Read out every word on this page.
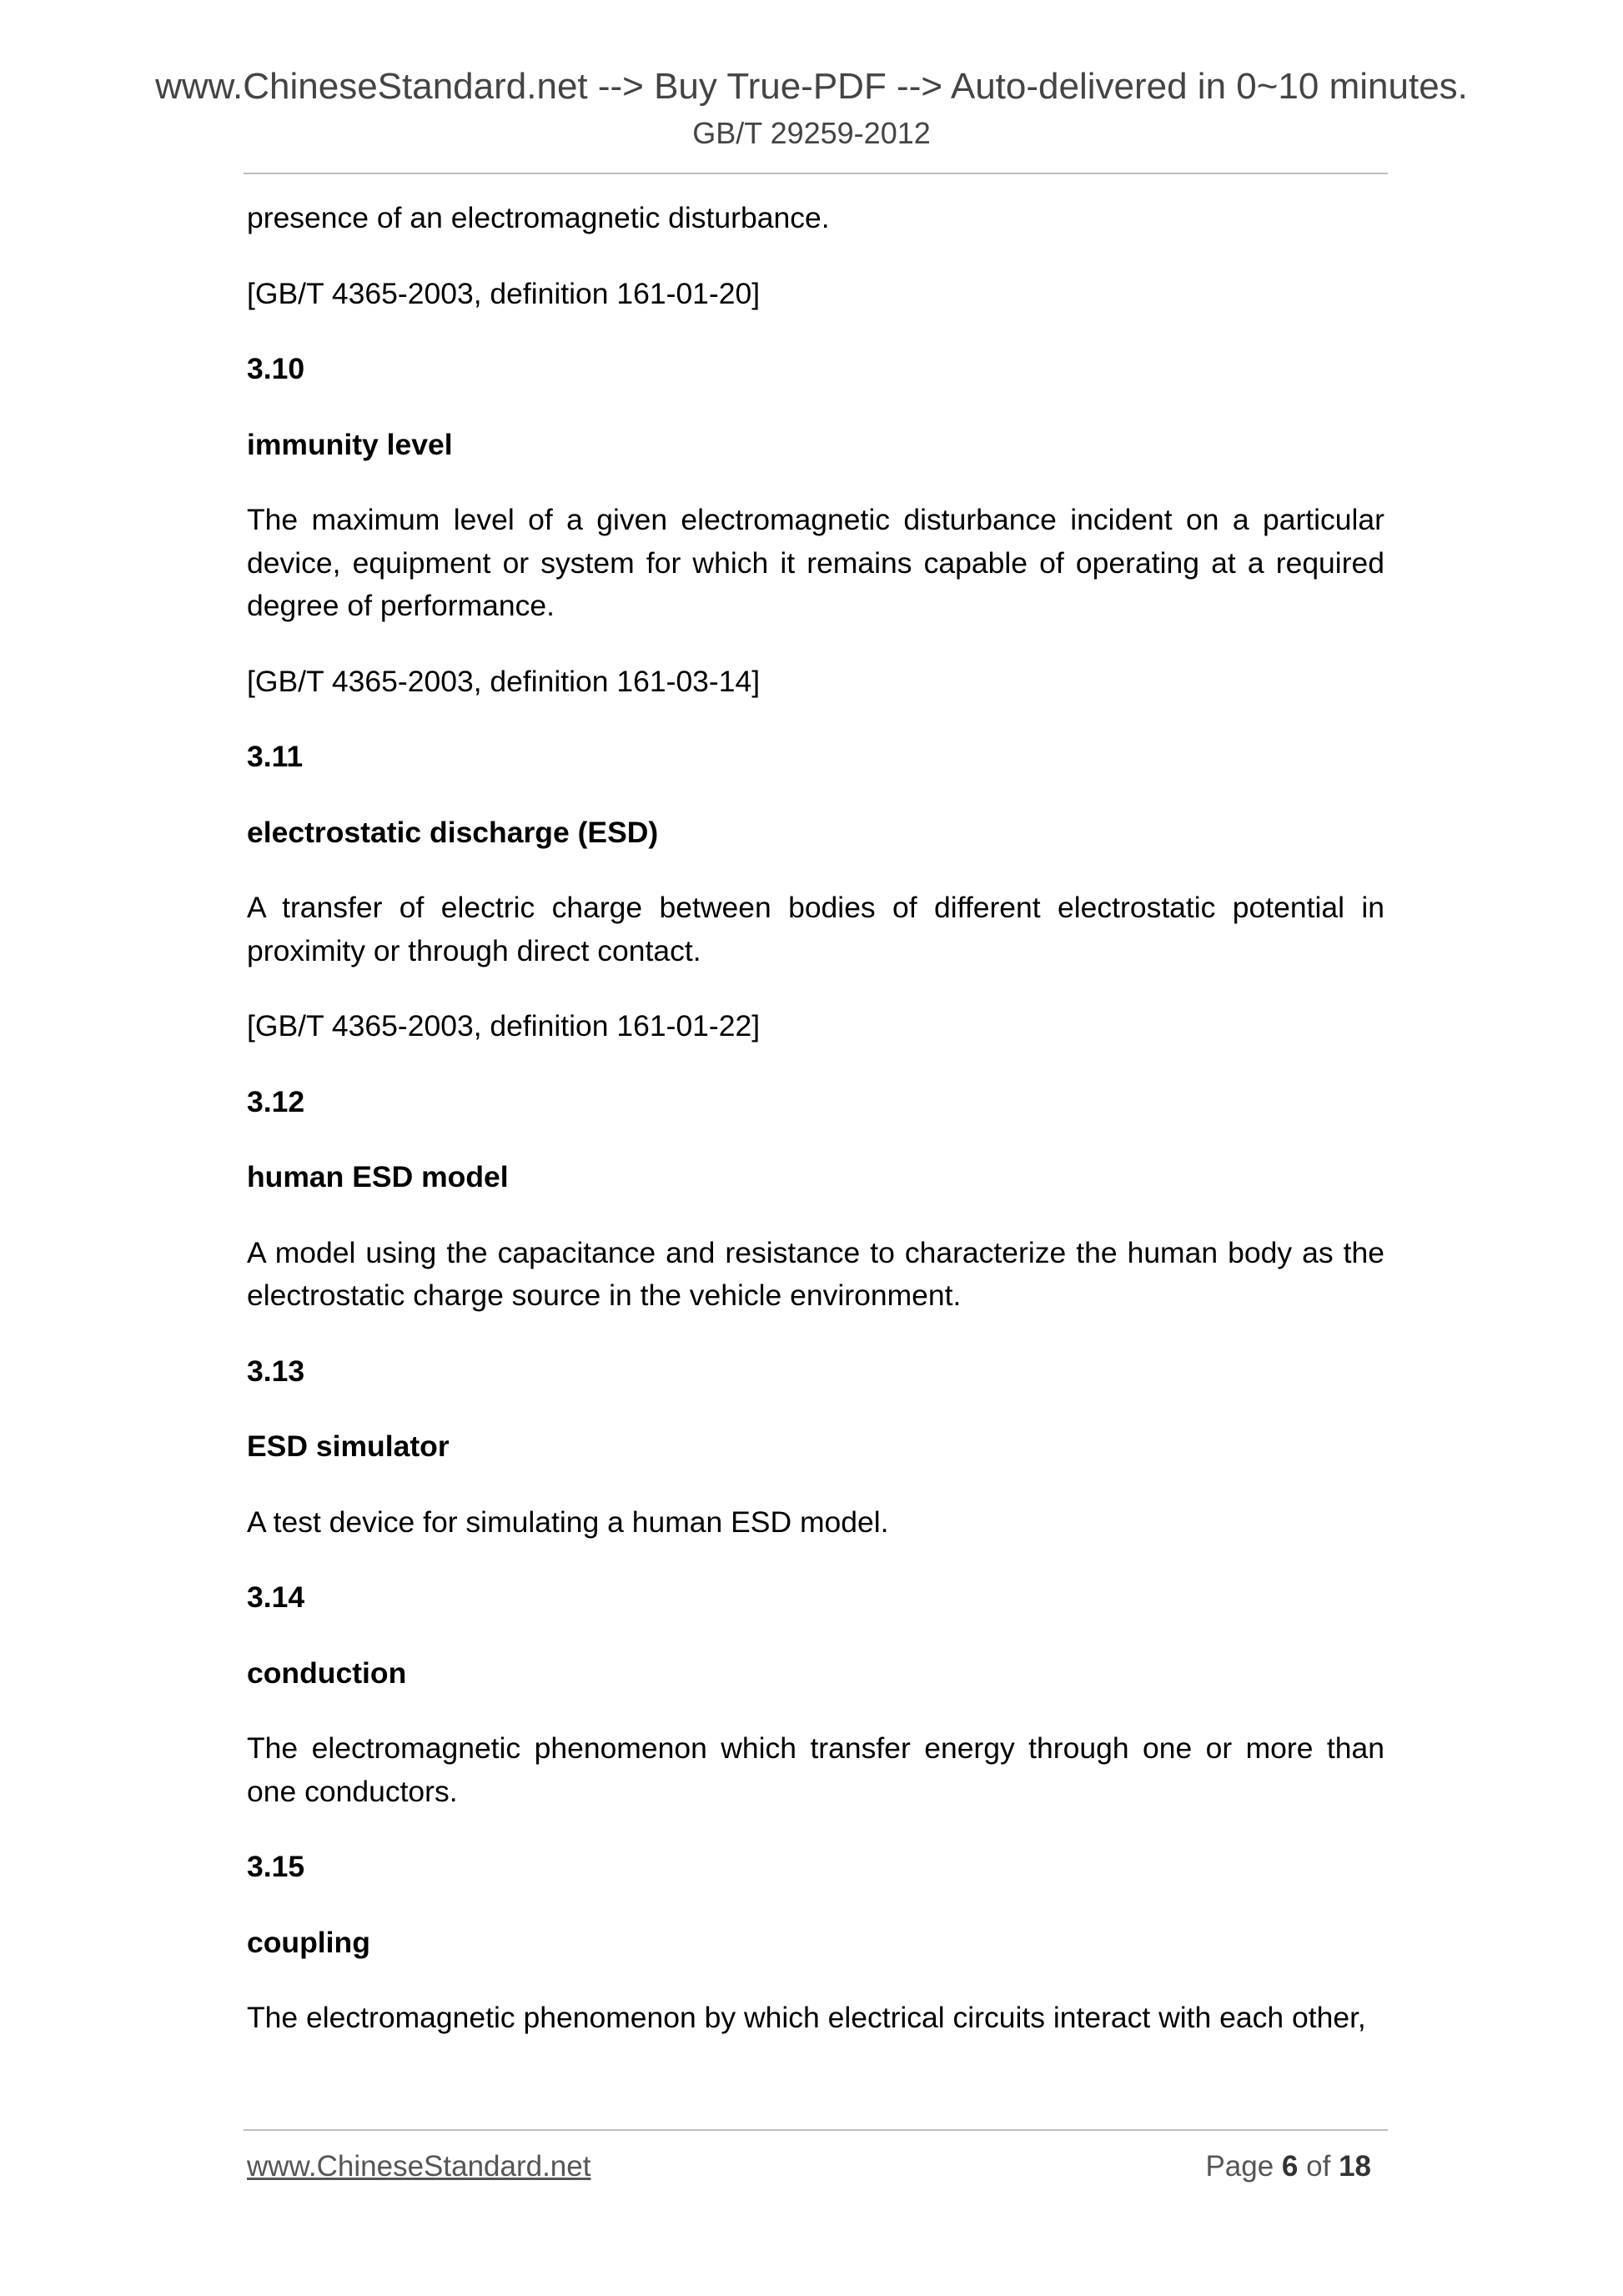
www.ChineseStandard.net --> Buy True-PDF --> Auto-delivered in 0~10 minutes.
GB/T 29259-2012

presence of an electromagnetic disturbance.

[GB/T 4365-2003, definition 161-01-20]

3.10

immunity level

The maximum level of a given electromagnetic disturbance incident on a particular device, equipment or system for which it remains capable of operating at a required degree of performance.

[GB/T 4365-2003, definition 161-03-14]

3.11

electrostatic discharge (ESD)

A transfer of electric charge between bodies of different electrostatic potential in proximity or through direct contact.

[GB/T 4365-2003, definition 161-01-22]

3.12

human ESD model

A model using the capacitance and resistance to characterize the human body as the electrostatic charge source in the vehicle environment.

3.13

ESD simulator

A test device for simulating a human ESD model.

3.14

conduction

The electromagnetic phenomenon which transfer energy through one or more than one conductors.

3.15

coupling

The electromagnetic phenomenon by which electrical circuits interact with each other,

www.ChineseStandard.net	Page 6 of 18
